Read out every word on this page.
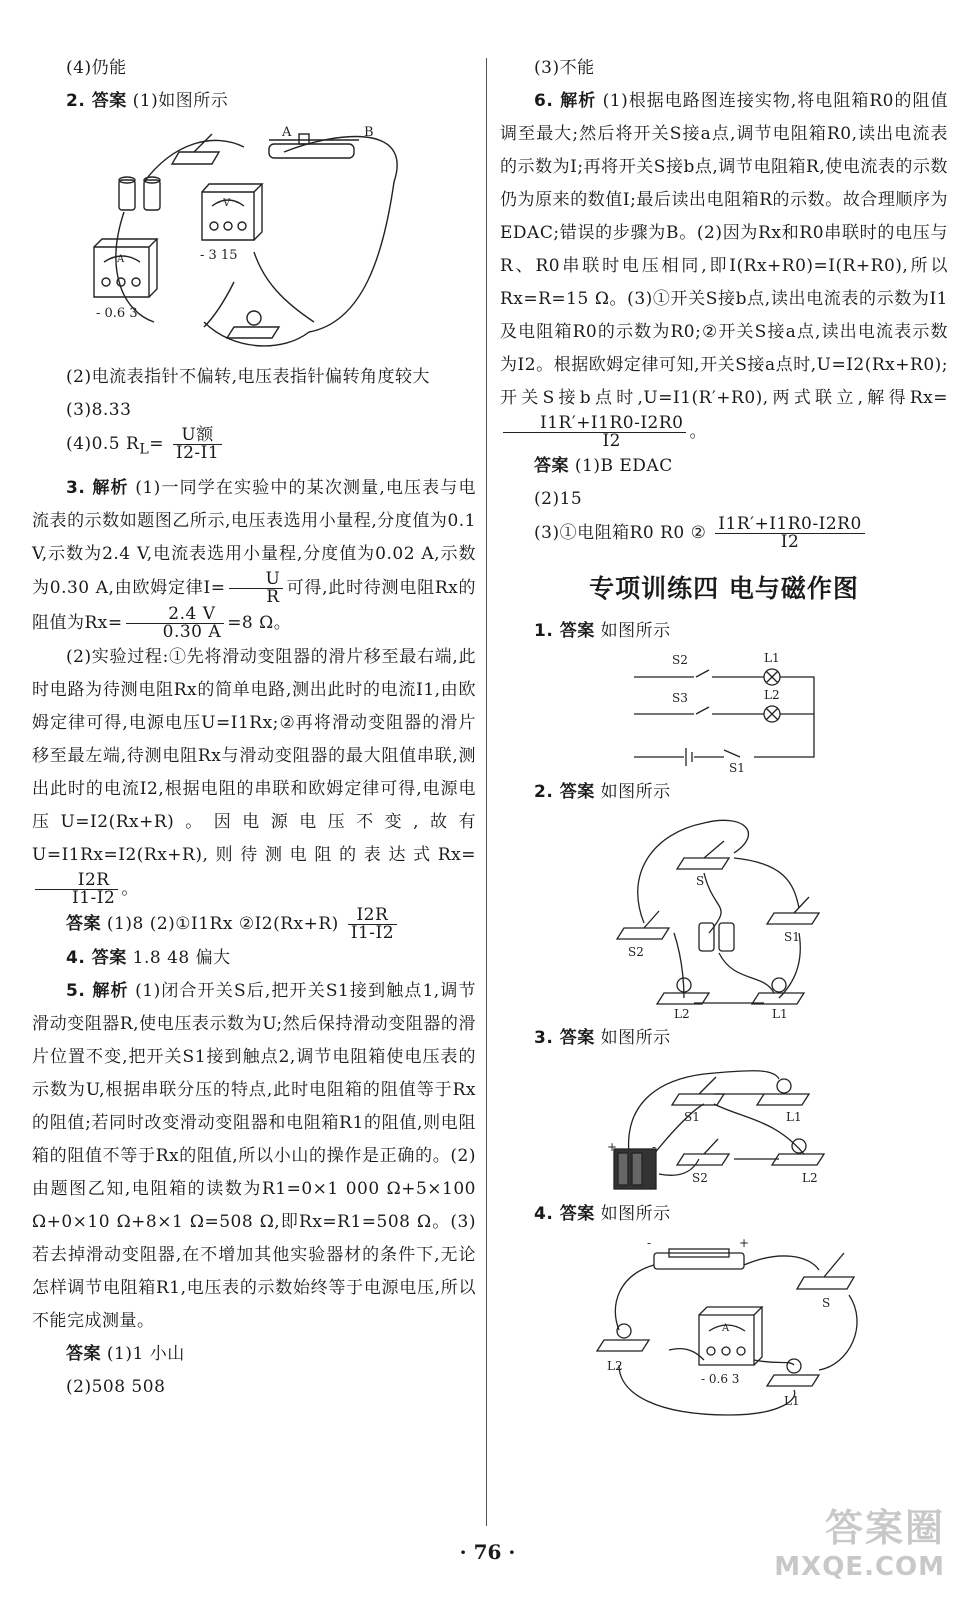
(4)仍能

2. 答案 (1)如图所示

A	B
V
- 3 15
A
- 0.6 3

(2)电流表指针不偏转,电压表指针偏转角度较大

(3)8.33

(4)0.5 $R_L= \frac{\text{U额}}{I2-I1}$

3. 解析 (1)一同学在实验中的某次测量,电压表与电流表的示数如题图乙所示,电压表选用小量程,分度值为0.1 V,示数为2.4 V,电流表选用小量程,分度值为0.02 A,示数为0.30 A,由欧姆定律$I= \frac{U}{R}$ 可得,此时待测电阻Rx的阻值为$Rx= \frac{2.4 V}{0.30 A} =8$ Ω。

(2)实验过程:①先将滑动变阻器的滑片移至最右端,此时电路为待测电阻Rx的简单电路,测出此时的电流I1,由欧姆定律可得,电源电压U=I1Rx;②再将滑动变阻器的滑片移至最左端,待测电阻Rx与滑动变阻器的最大阻值串联,测出此时的电流I2,根据电阻的串联和欧姆定律可得,电源电压U=I2(Rx+R)。因电源电压不变,故有U=I1Rx=I2(Rx+R),则待测电阻的表达式Rx=
$\frac{I2R}{I1-I2}$ 。

答案 (1)8 (2)①I1Rx ②I2(Rx+R) $\frac{I2R}{I1-I2}$

4. 答案 1.8 48 偏大

5. 解析 (1)闭合开关S后,把开关S1接到触点1,调节滑动变阻器R,使电压表示数为U;然后保持滑动变阻器的滑片位置不变,把开关S1接到触点2,调节电阻箱使电压表的示数为U,根据串联分压的特点,此时电阻箱的阻值等于Rx的阻值;若同时改变滑动变阻器和电阻箱R1的阻值,则电阻箱的阻值不等于Rx的阻值,所以小山的操作是正确的。(2)由题图乙知,电阻箱的读数为R1=0×1 000 Ω+5×100 Ω+0×10 Ω+8×1 Ω=508 Ω,即Rx=R1=508 Ω。(3)若去掉滑动变阻器,在不增加其他实验器材的条件下,无论怎样调节电阻箱R1,电压表的示数始终等于电源电压,所以不能完成测量。

答案 (1)1 小山

(2)508 508

(3)不能

6. 解析 (1)根据电路图连接实物,将电阻箱R0的阻值调至最大;然后将开关S接a点,调节电阻箱R0,读出电流表的示数为I;再将开关S接b点,调节电阻箱R,使电流表的示数仍为原来的数值I;最后读出电阻箱R的示数。故合理顺序为EDAC;错误的步骤为B。(2)因为Rx和R0串联时的电压与R、R0串联时电压相同,即I(Rx+R0)=I(R+R0),所以Rx=R=15 Ω。(3)①开关S接b点,读出电流表的示数为I1及电阻箱R0的示数为R0;②开关S接a点,读出电流表示数为I2。根据欧姆定律可知,开关S接a点时,U=I2(Rx+R0);开关S接b点时,U=I1(R′+R0),两式联立,解得Rx=
$\frac{I1R'+I1R0-I2R0}{I2}$ 。

答案 (1)B EDAC

(2)15

(3)①电阻箱R0 R0 ② $\frac{I1R'+I1R0-I2R0}{I2}$

专项训练四 电与磁作图

1. 答案 如图所示

S2	L1
S3	L2
S1

2. 答案 如图所示

S
S2
S1
L2	L1

3. 答案 如图所示

+	-
L1
S1
S2	L2

4. 答案 如图所示

-	+
S
L2
A
- 0.6 3
L1
· 76 ·
答案圈
MXQE.COM
